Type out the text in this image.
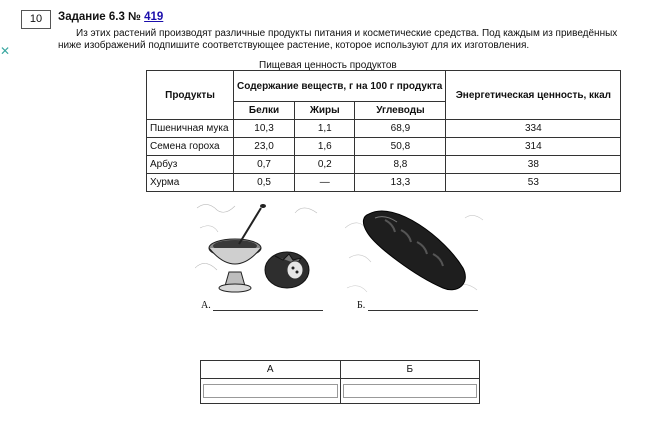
✕
10	Задание 6.3 № 419
Из этих растений производят различные продукты питания и косметические средства. Под каждым из приведённых ниже изображений подпишите соответствующее растение, которое используют для их изготовления.
Пищевая ценность продуктов
Продукты	Содержание веществ, г на 100 г продукта			Энергетическая ценность, ккал
	Белки	Жиры	Углеводы	
Пшеничная мука	10,3	1,1	68,9	334
Семена гороха	23,0	1,6	50,8	314
Арбуз	0,7	0,2	8,8	38
Хурма	0,5	—	13,3	53
А.	Б.
А	Б
